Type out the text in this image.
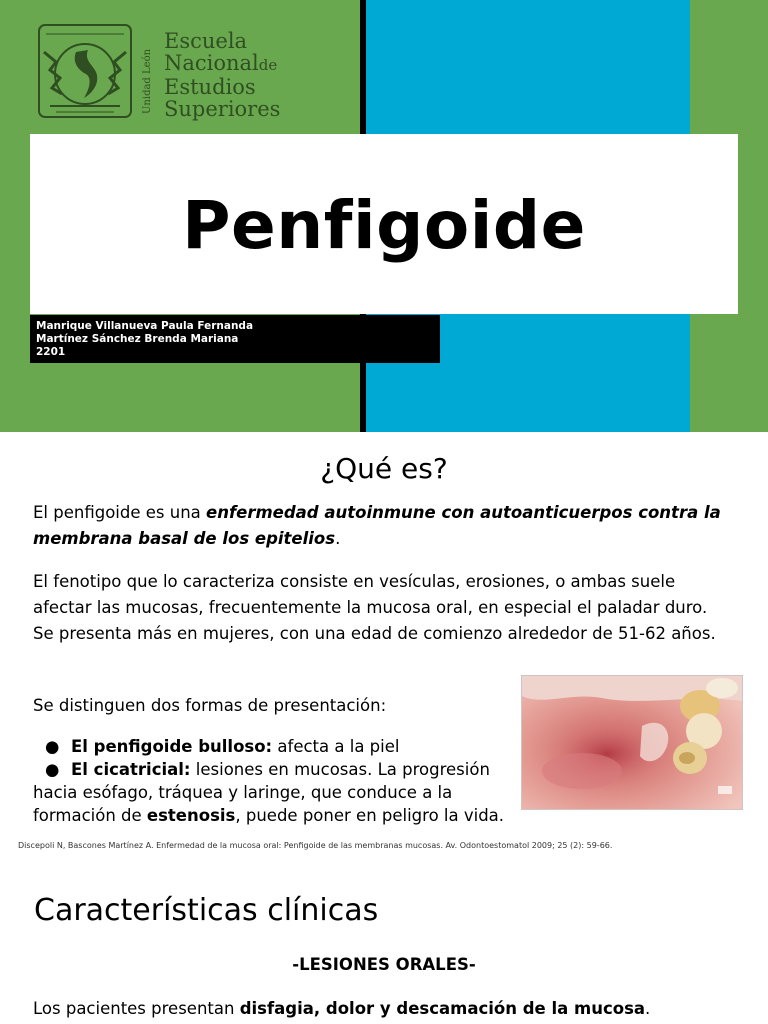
Unidad León
Escuela
Nacionalde
Estudios
Superiores
Penfigoide
Manrique Villanueva Paula Fernanda
Martínez Sánchez Brenda Mariana
2201
¿Qué es?
El penfigoide es una enfermedad autoinmune con autoanticuerpos contra la membrana basal de los epitelios.
El fenotipo que lo caracteriza consiste en vesículas, erosiones, o ambas suele afectar las mucosas, frecuentemente la mucosa oral, en especial el paladar duro. Se presenta más en mujeres, con una edad de comienzo alrededor de 51-62 años.
Se distinguen dos formas de presentación:
● El penfigoide bulloso: afecta a la piel
● El cicatricial: lesiones en mucosas. La progresión hacia esófago, tráquea y laringe, que conduce a la formación de estenosis, puede poner en peligro la vida.
Discepoli N, Bascones Martínez A. Enfermedad de la mucosa oral: Penfigoide de las membranas mucosas. Av. Odontoestomatol 2009; 25 (2): 59-66.
Características clínicas
-LESIONES ORALES-
Los pacientes presentan disfagia, dolor y descamación de la mucosa.
